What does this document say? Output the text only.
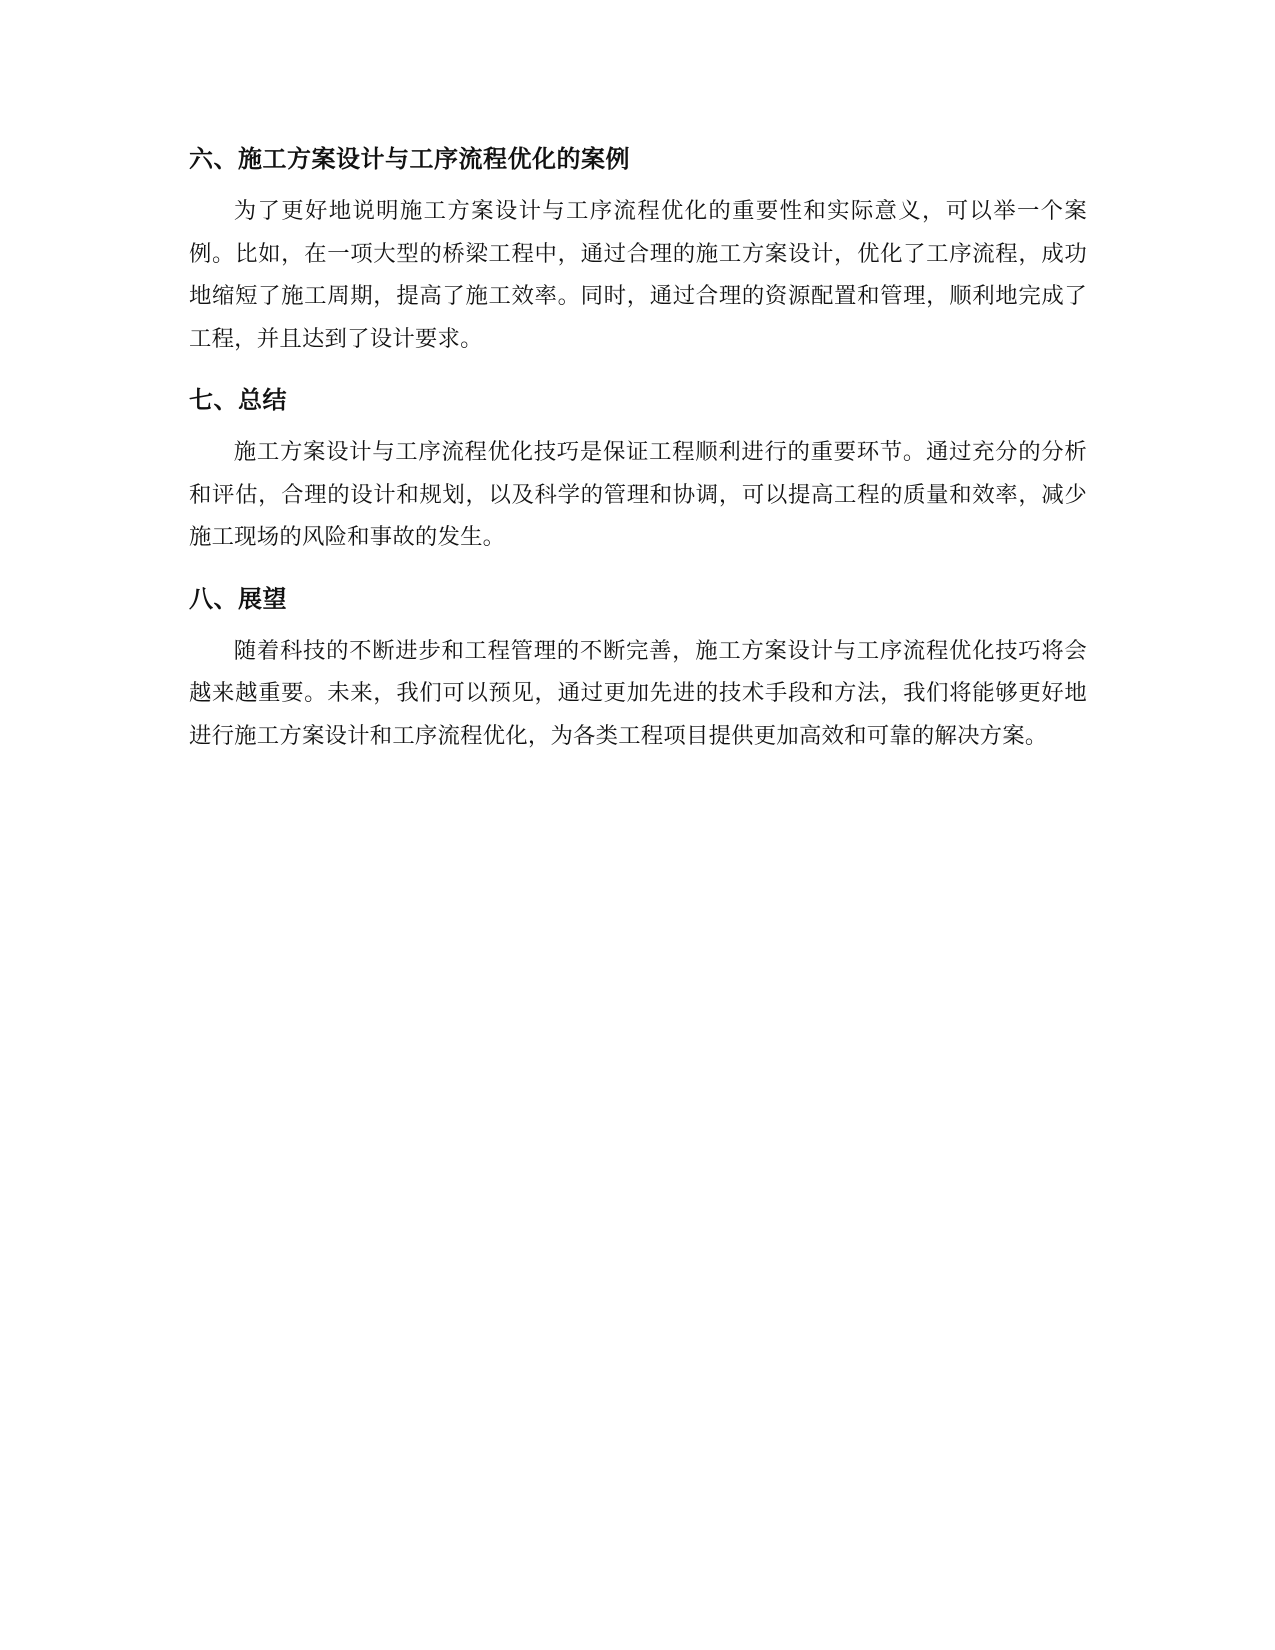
六、施工方案设计与工序流程优化的案例

为了更好地说明施工方案设计与工序流程优化的重要性和实际意义，可以举一个案例。比如，在一项大型的桥梁工程中，通过合理的施工方案设计，优化了工序流程，成功地缩短了施工周期，提高了施工效率。同时，通过合理的资源配置和管理，顺利地完成了工程，并且达到了设计要求。

七、总结

施工方案设计与工序流程优化技巧是保证工程顺利进行的重要环节。通过充分的分析和评估，合理的设计和规划，以及科学的管理和协调，可以提高工程的质量和效率，减少施工现场的风险和事故的发生。

八、展望

随着科技的不断进步和工程管理的不断完善，施工方案设计与工序流程优化技巧将会越来越重要。未来，我们可以预见，通过更加先进的技术手段和方法，我们将能够更好地进行施工方案设计和工序流程优化，为各类工程项目提供更加高效和可靠的解决方案。
